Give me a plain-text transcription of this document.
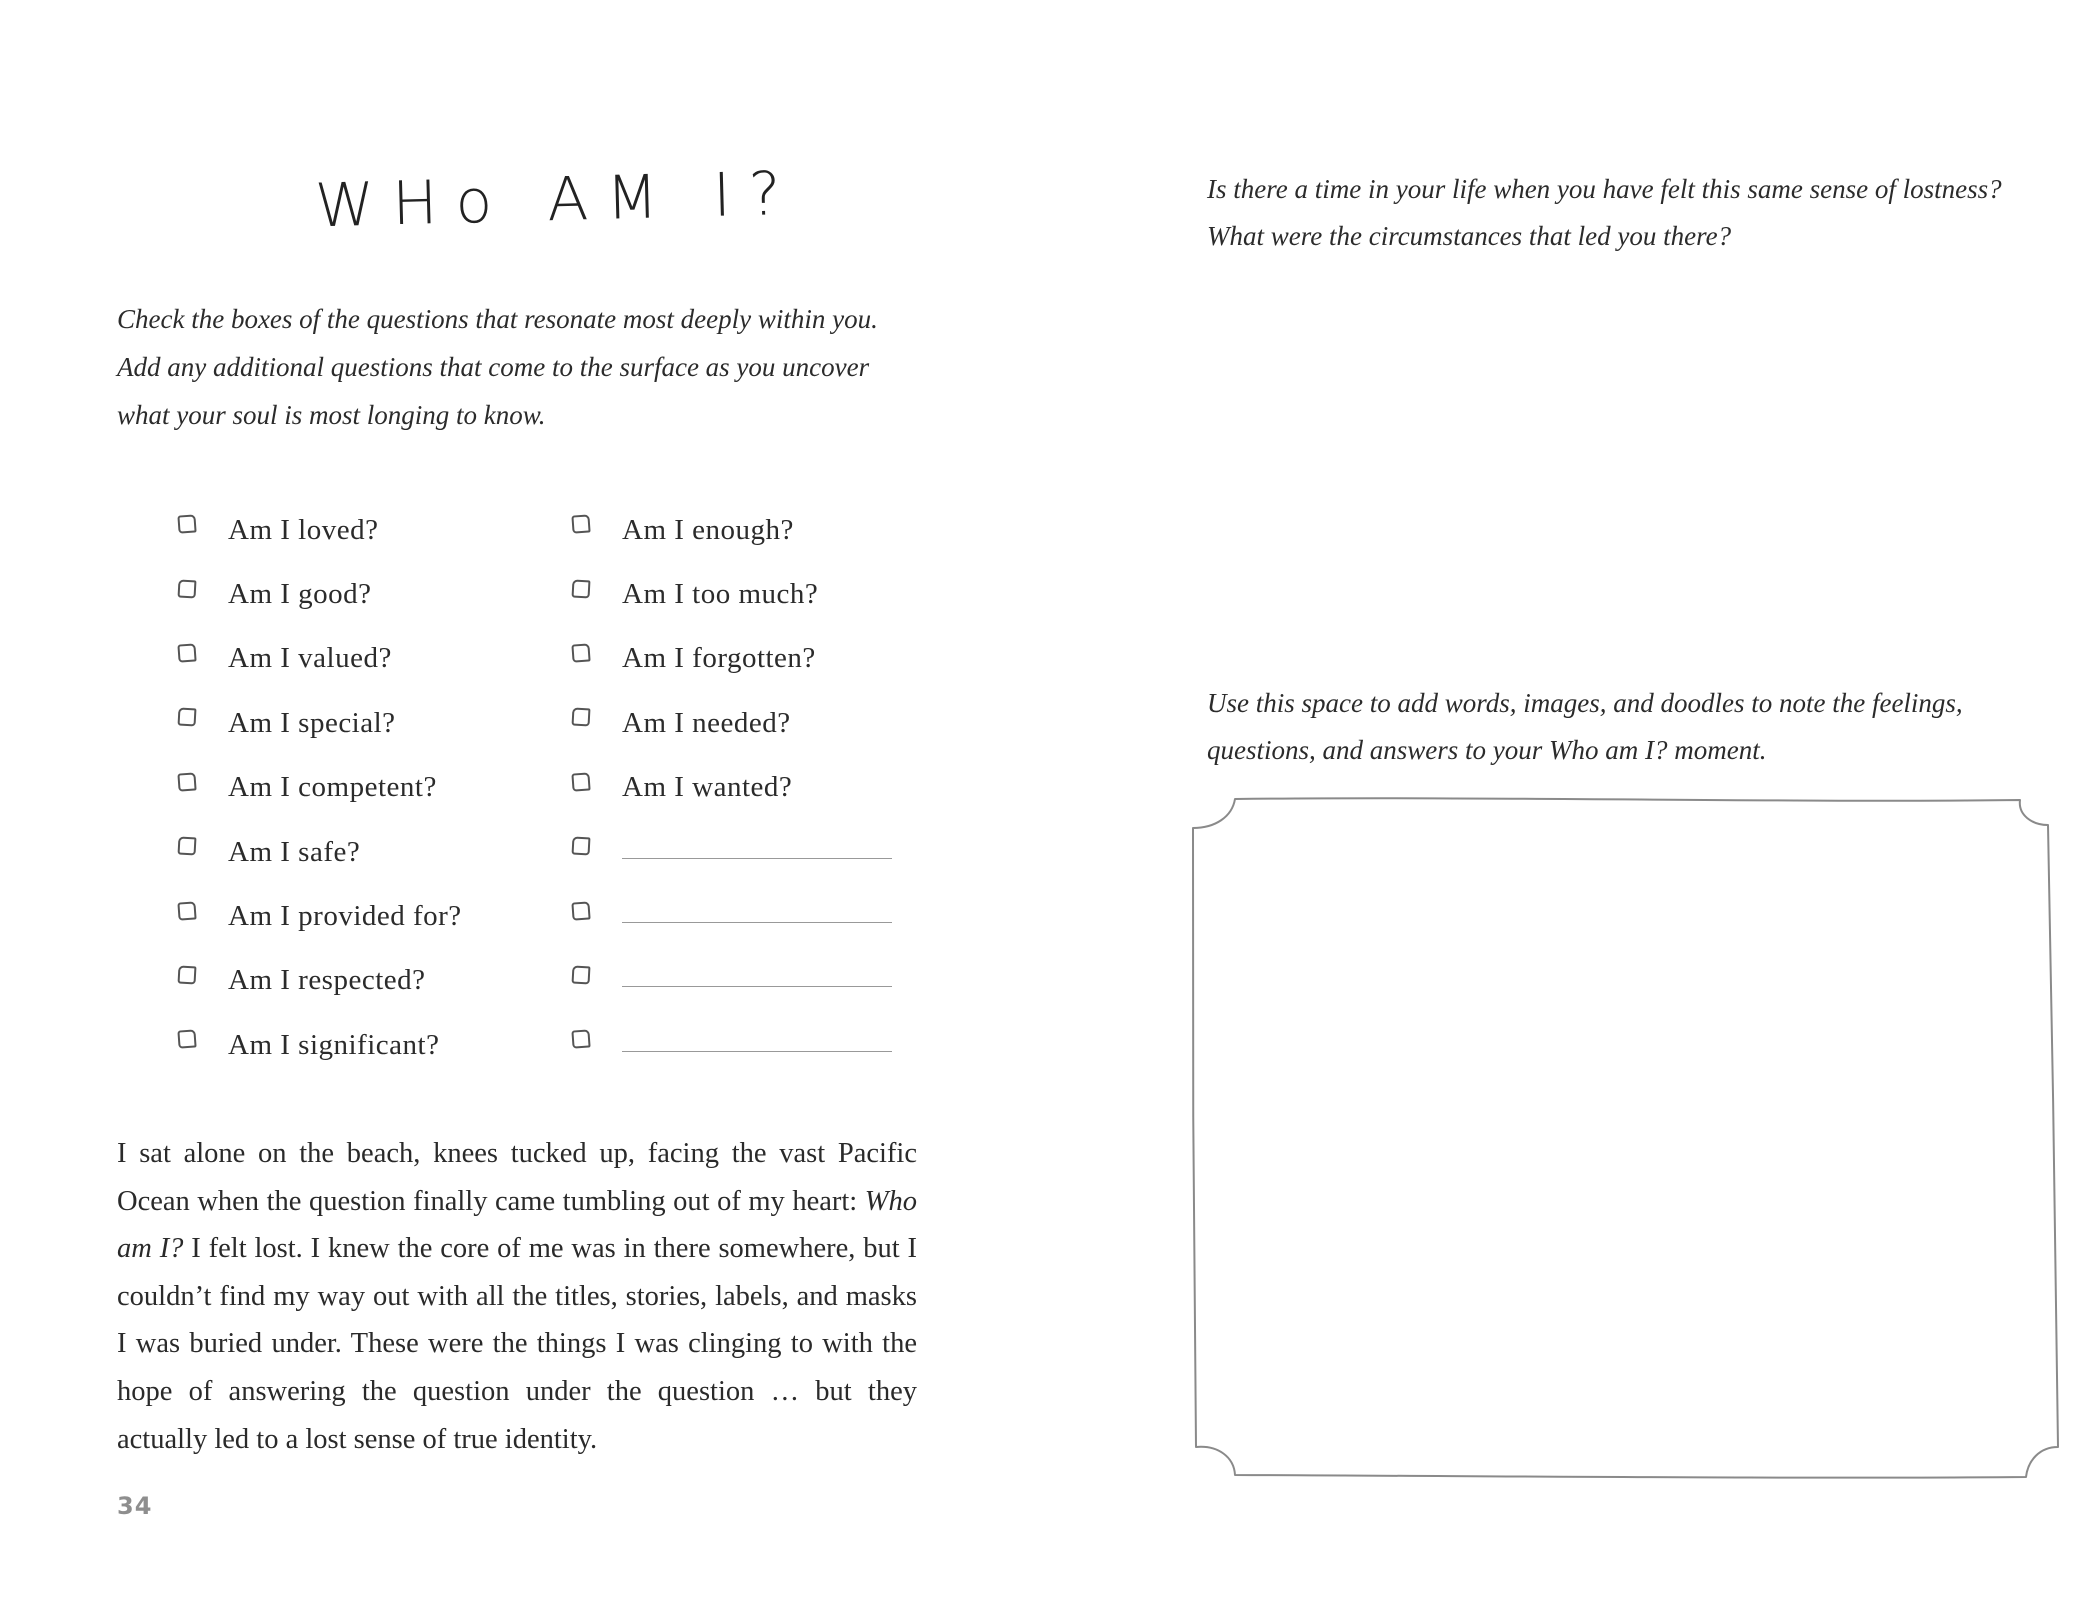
WHo AM I?

Check the boxes of the questions that resonate most deeply within you. Add any additional questions that come to the surface as you uncover what your soul is most longing to know.

Am I loved?
Am I good?
Am I valued?
Am I special?
Am I competent?
Am I safe?
Am I provided for?
Am I respected?
Am I significant?
Am I enough?
Am I too much?
Am I forgotten?
Am I needed?
Am I wanted?

I sat alone on the beach, knees tucked up, facing the vast Pacific Ocean when the question finally came tumbling out of my heart: Who am I? I felt lost. I knew the core of me was in there somewhere, but I couldn’t find my way out with all the titles, stories, labels, and masks I was buried under. These were the things I was clinging to with the hope of answering the question under the question … but they actually led to a lost sense of true identity.

34

Is there a time in your life when you have felt this same sense of lostness? What were the circumstances that led you there?

Use this space to add words, images, and doodles to note the feelings, questions, and answers to your Who am I? moment.
